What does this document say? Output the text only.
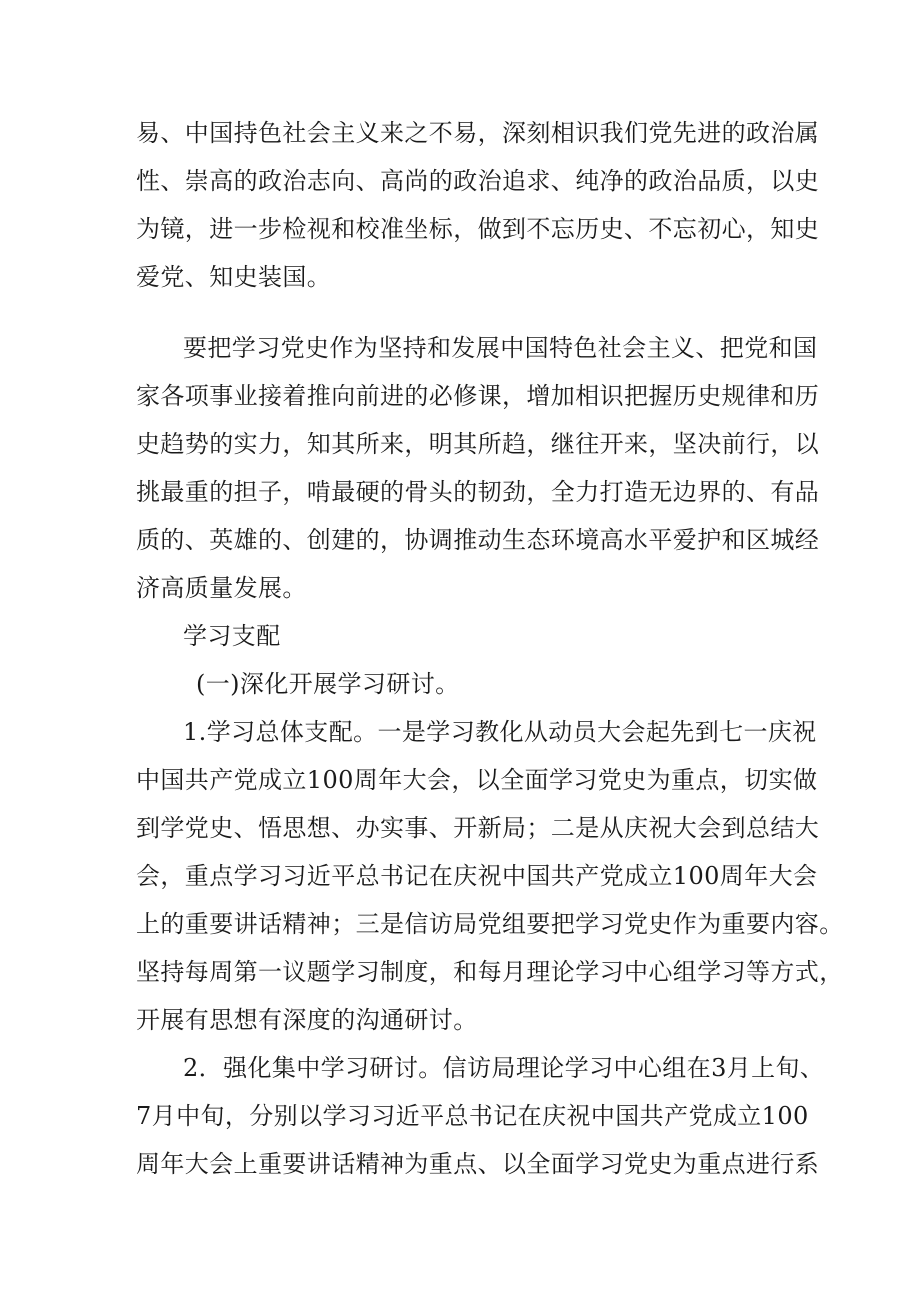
易、中国持色社会主义来之不易，深刻相识我们党先进的政治属
性、崇高的政治志向、高尚的政治追求、纯净的政治品质，以史
为镜，进一步检视和校准坐标，做到不忘历史、不忘初心，知史
爱党、知史装国。
要把学习党史作为坚持和发展中国特色社会主义、把党和国
家各项事业接着推向前进的必修课，增加相识把握历史规律和历
史趋势的实力，知其所来，明其所趋，继往开来，坚决前行，以
挑最重的担子，啃最硬的骨头的韧劲，全力打造无边界的、有品
质的、英雄的、创建的，协调推动生态环境高水平爱护和区城经
济高质量发展。
学习支配
(一)深化开展学习研讨。
1.学习总体支配。一是学习教化从动员大会起先到七一庆祝
中国共产党成立100周年大会，以全面学习党史为重点，切实做
到学党史、悟思想、办实事、开新局；二是从庆祝大会到总结大
会，重点学习习近平总书记在庆祝中国共产党成立100周年大会
上的重要讲话精神；三是信访局党组要把学习党史作为重要内容。
坚持每周第一议题学习制度，和每月理论学习中心组学习等方式，
开展有思想有深度的沟通研讨。
2．强化集中学习研讨。信访局理论学习中心组在3月上旬、
7月中旬，分别以学习习近平总书记在庆祝中国共产党成立100
周年大会上重要讲话精神为重点、以全面学习党史为重点进行系
